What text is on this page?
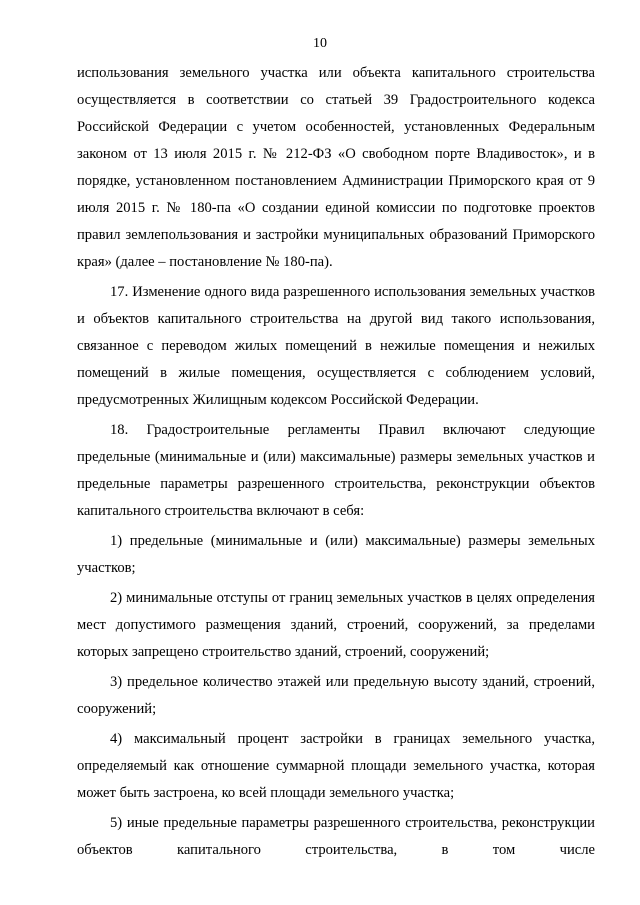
10

использования земельного участка или объекта капитального строительства осуществляется в соответствии со статьей 39 Градостроительного кодекса Российской Федерации с учетом особенностей, установленных Федеральным законом от 13 июля 2015 г. № 212-ФЗ «О свободном порте Владивосток», и в порядке, установленном постановлением Администрации Приморского края от 9 июля 2015 г. № 180-па «О создании единой комиссии по подготовке проектов правил землепользования и застройки муниципальных образований Приморского края» (далее – постановление № 180-па).

17. Изменение одного вида разрешенного использования земельных участков и объектов капитального строительства на другой вид такого использования, связанное с переводом жилых помещений в нежилые помещения и нежилых помещений в жилые помещения, осуществляется с соблюдением условий, предусмотренных Жилищным кодексом Российской Федерации.

18. Градостроительные регламенты Правил включают следующие предельные (минимальные и (или) максимальные) размеры земельных участков и предельные параметры разрешенного строительства, реконструкции объектов капитального строительства включают в себя:

1) предельные (минимальные и (или) максимальные) размеры земельных участков;

2) минимальные отступы от границ земельных участков в целях определения мест допустимого размещения зданий, строений, сооружений, за пределами которых запрещено строительство зданий, строений, сооружений;

3) предельное количество этажей или предельную высоту зданий, строений, сооружений;

4) максимальный процент застройки в границах земельного участка, определяемый как отношение суммарной площади земельного участка, которая может быть застроена, ко всей площади земельного участка;

5) иные предельные параметры разрешенного строительства, реконструкции объектов капитального строительства, в том числе
